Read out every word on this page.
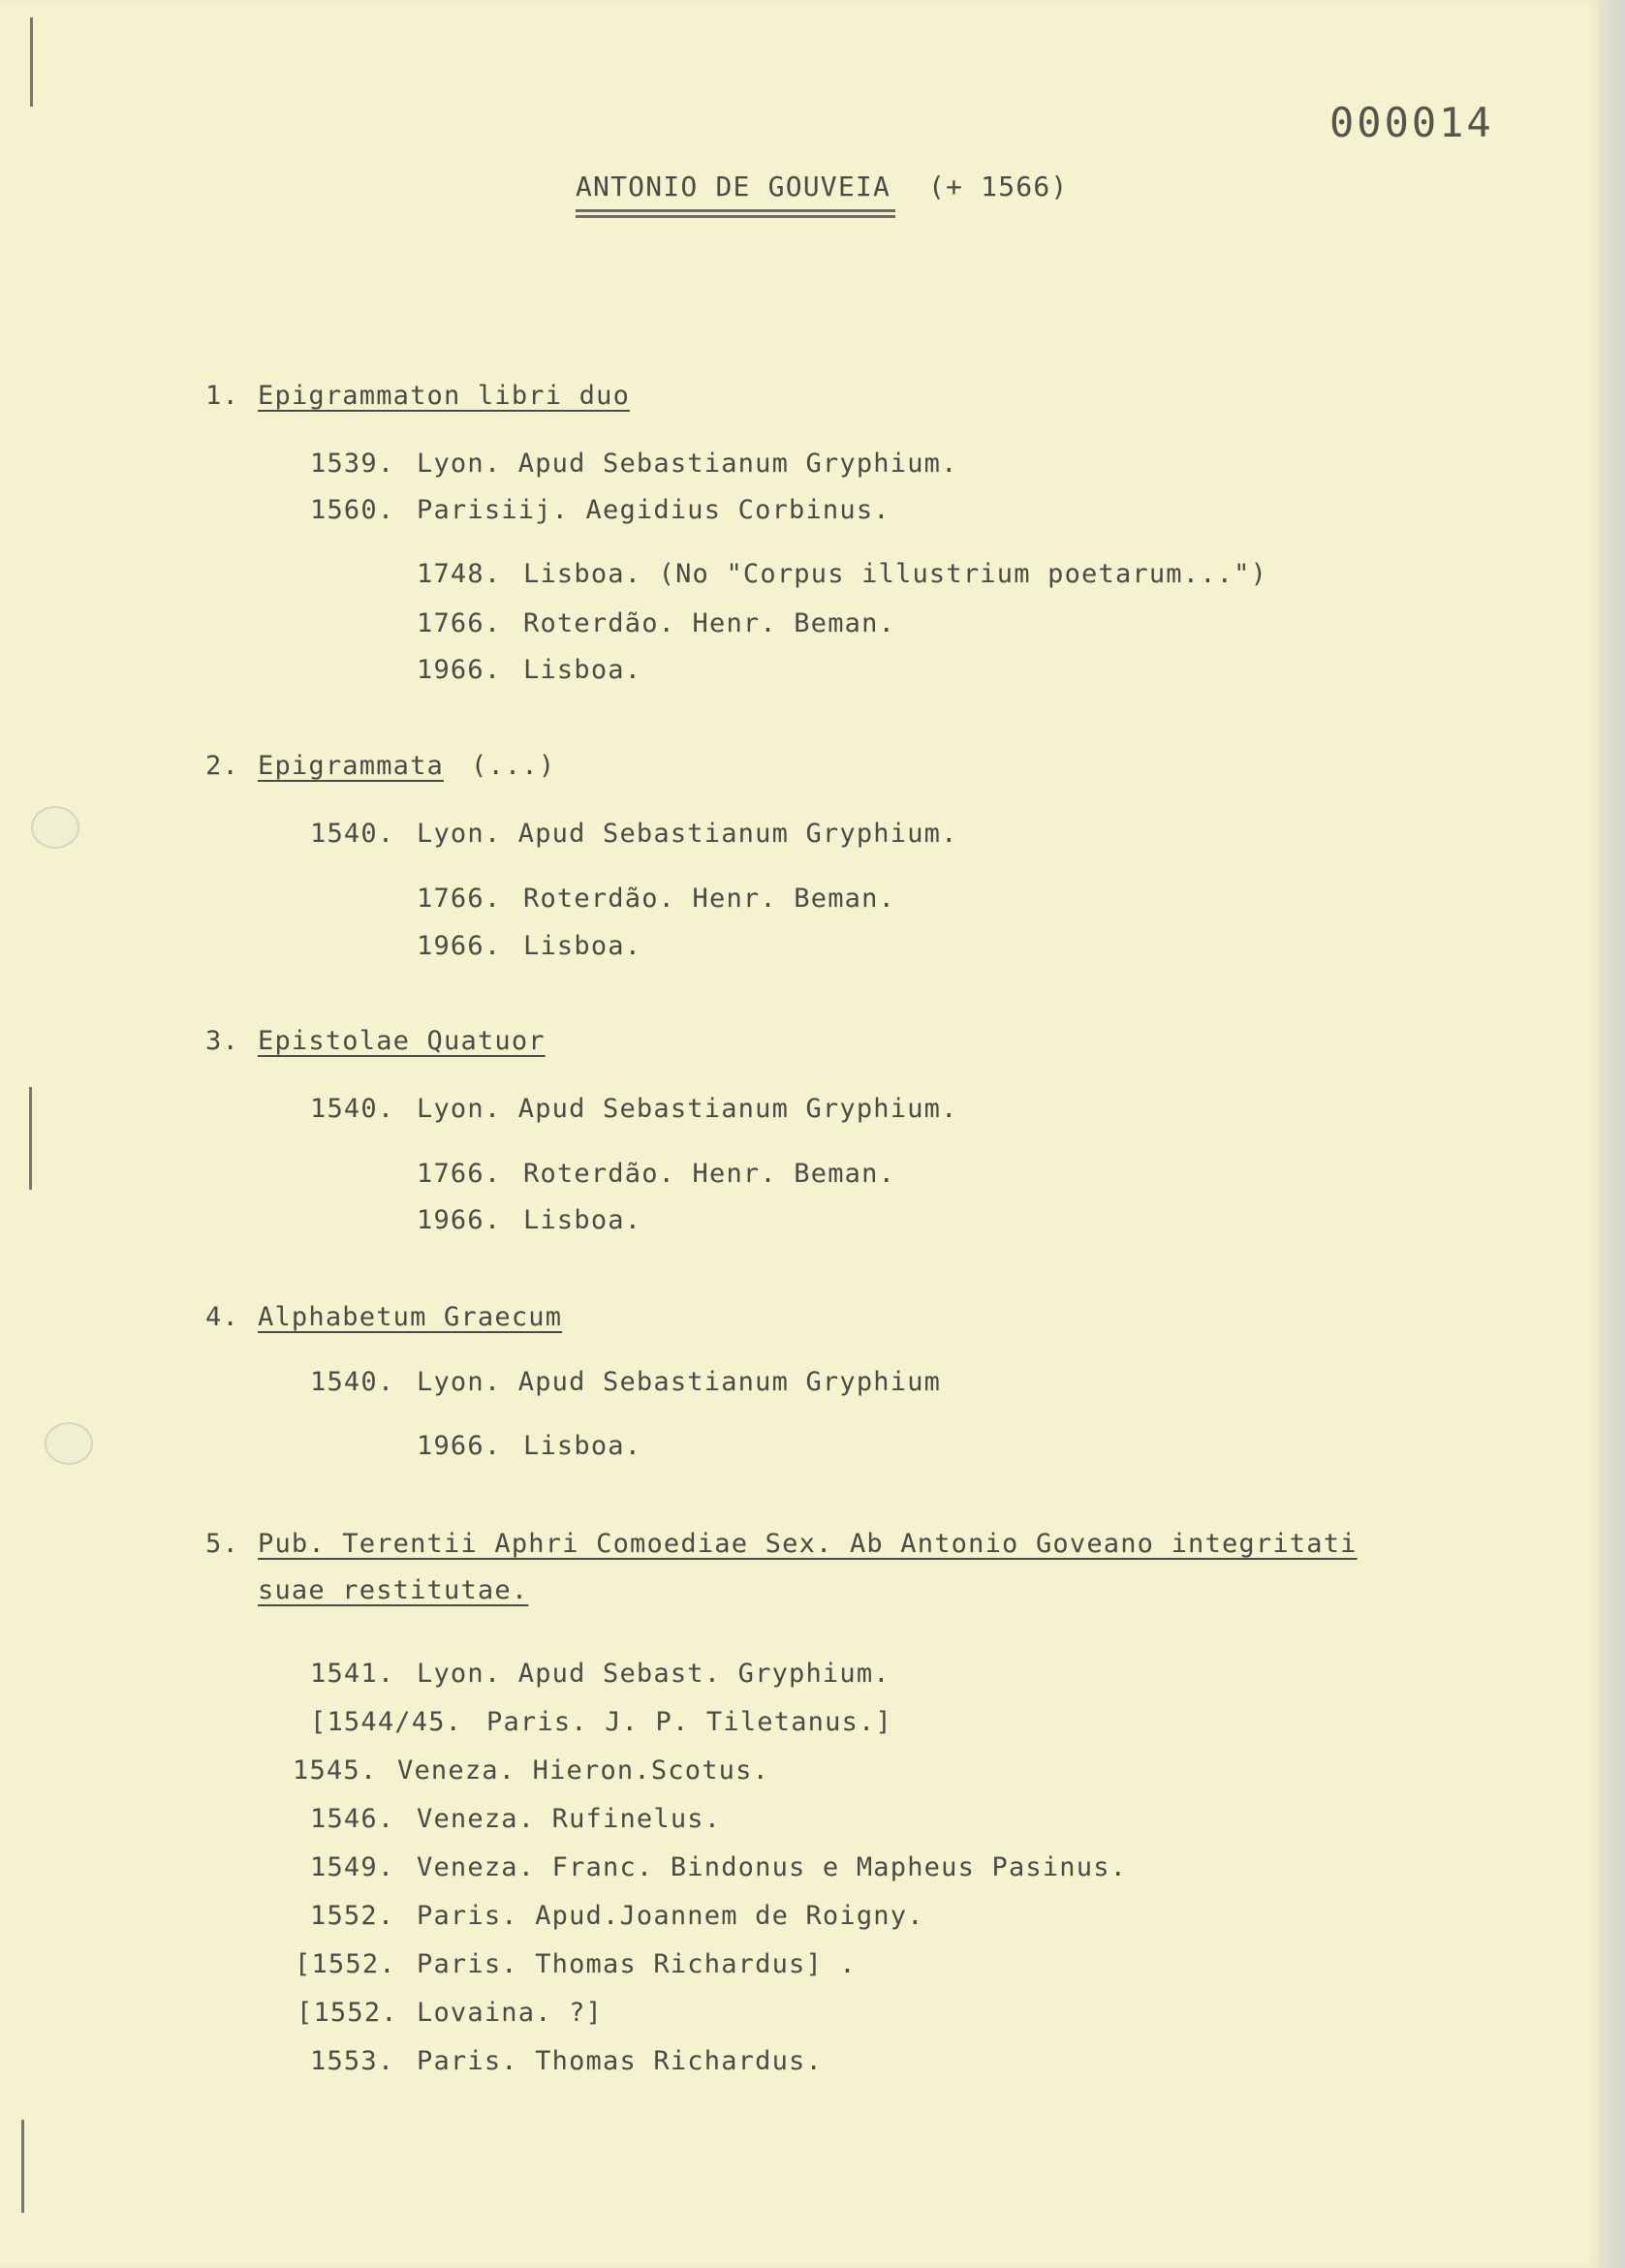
000014
ANTONIO DE GOUVEIA (+ 1566)
1. Epigrammaton libri duo
1539. Lyon. Apud Sebastianum Gryphium.
1560. Parisiij. Aegidius Corbinus.
1748. Lisboa. (No "Corpus illustrium poetarum...")
1766. Roterdão. Henr. Beman.
1966. Lisboa.
2. Epigrammata (...)
1540. Lyon. Apud Sebastianum Gryphium.
1766. Roterdão. Henr. Beman.
1966. Lisboa.
3. Epistolae Quatuor
1540. Lyon. Apud Sebastianum Gryphium.
1766. Roterdão. Henr. Beman.
1966. Lisboa.
4. Alphabetum Graecum
1540. Lyon. Apud Sebastianum Gryphium
1966. Lisboa.
5. Pub. Terentii Aphri Comoediae Sex. Ab Antonio Goveano integritati
suae restitutae.
1541. Lyon. Apud Sebast. Gryphium.
[1544/45. Paris. J. P. Tiletanus.]
1545. Veneza. Hieron.Scotus.
1546. Veneza. Rufinelus.
1549. Veneza. Franc. Bindonus e Mapheus Pasinus.
1552. Paris. Apud.Joannem de Roigny.
[1552. Paris. Thomas Richardus] .
[1552. Lovaina. ?]
1553. Paris. Thomas Richardus.
